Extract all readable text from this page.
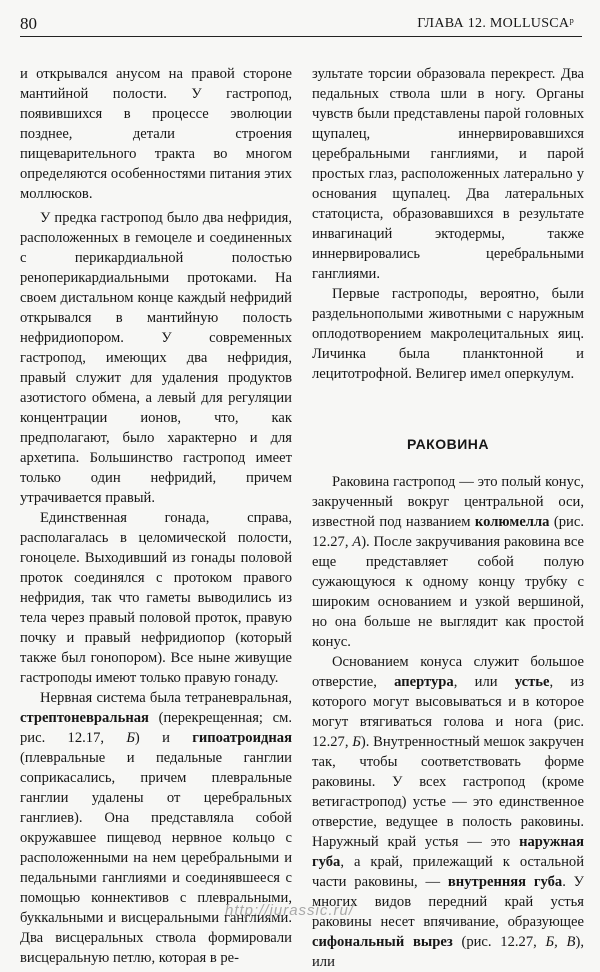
80	ГЛАВА 12. MOLLUSCAᵖ

и открывался анусом на правой стороне мантийной полости. У гастропод, появившихся в процессе эволюции позднее, детали строения пищеварительного тракта во многом определяются особенностями питания этих моллюсков.

У предка гастропод было два нефридия, расположенных в гемоцеле и соединенных с перикардиальной полостью ренoперикардиальными протоками. На своем дистальном конце каждый нефридий открывался в мантийную полость нефридиопором. У современных гастропод, имеющих два нефридия, правый служит для удаления продуктов азотистого обмена, а левый для регуляции концентрации ионов, что, как предполагают, было характерно и для архетипа. Большинство гастропод имеет только один нефридий, причем утрачивается правый.

Единственная гонада, справа, располагалась в целомической полости, гоноцеле. Выходивший из гонады половой проток соединялся с протоком правого нефридия, так что гаметы выводились из тела через правый половой проток, правую почку и правый нефридиопор (который также был гонопором). Все ныне живущие гастроподы имеют только правую гонаду.

Нервная система была тетраневральная, стрептоневральная (перекрещенная; см. рис. 12.17, Б) и гипоатроидная (плевральные и педальные ганглии соприкасались, причем плевральные ганглии удалены от церебральных ганглиев). Она представляла собой окружавшее пищевод нервное кольцо с расположенными на нем церебральными и педальными ганглиями и соединявшееся с помощью коннективов с плевральными, буккальными и висцеральными ганглиями. Два висцеральных ствола формировали висцеральную петлю, которая в ре-

зультате торсии образовала перекрест. Два педальных ствола шли в ногу. Органы чувств были представлены парой головных щупалец, иннервировавшихся церебральными ганглиями, и парой простых глаз, расположенных латерально у основания щупалец. Два латеральных статоциста, образовавшихся в результате инвагинаций эктодермы, также иннервировались церебральными ганглиями.

Первые гастроподы, вероятно, были раздельнополыми животными с наружным оплодотворением макролецитальных яиц. Личинка была планктонной и лецитотрофной. Велигер имел оперкулум.

РАКОВИНА

Раковина гастропод — это полый конус, закрученный вокруг центральной оси, известной под названием колюмелла (рис. 12.27, А). После закручивания раковина все еще представляет собой полую сужающуюся к одному концу трубку с широким основанием и узкой вершиной, но она больше не выглядит как простой конус.

Основанием конуса служит большое отверстие, апертура, или устье, из которого могут высовываться и в которое могут втягиваться голова и нога (рис. 12.27, Б). Внутренностный мешок закручен так, чтобы соответствовать форме раковины. У всех гастропод (кроме ветигастропод) устье — это единственное отверстие, ведущее в полость раковины. Наружный край устья — это наружная губа, а край, прилежащий к остальной части раковины, — внутренняя губа. У многих видов передний край устья раковины несет впячивание, образующее сифональный вырез (рис. 12.27, Б, В), или

http://jurassic.ru/
